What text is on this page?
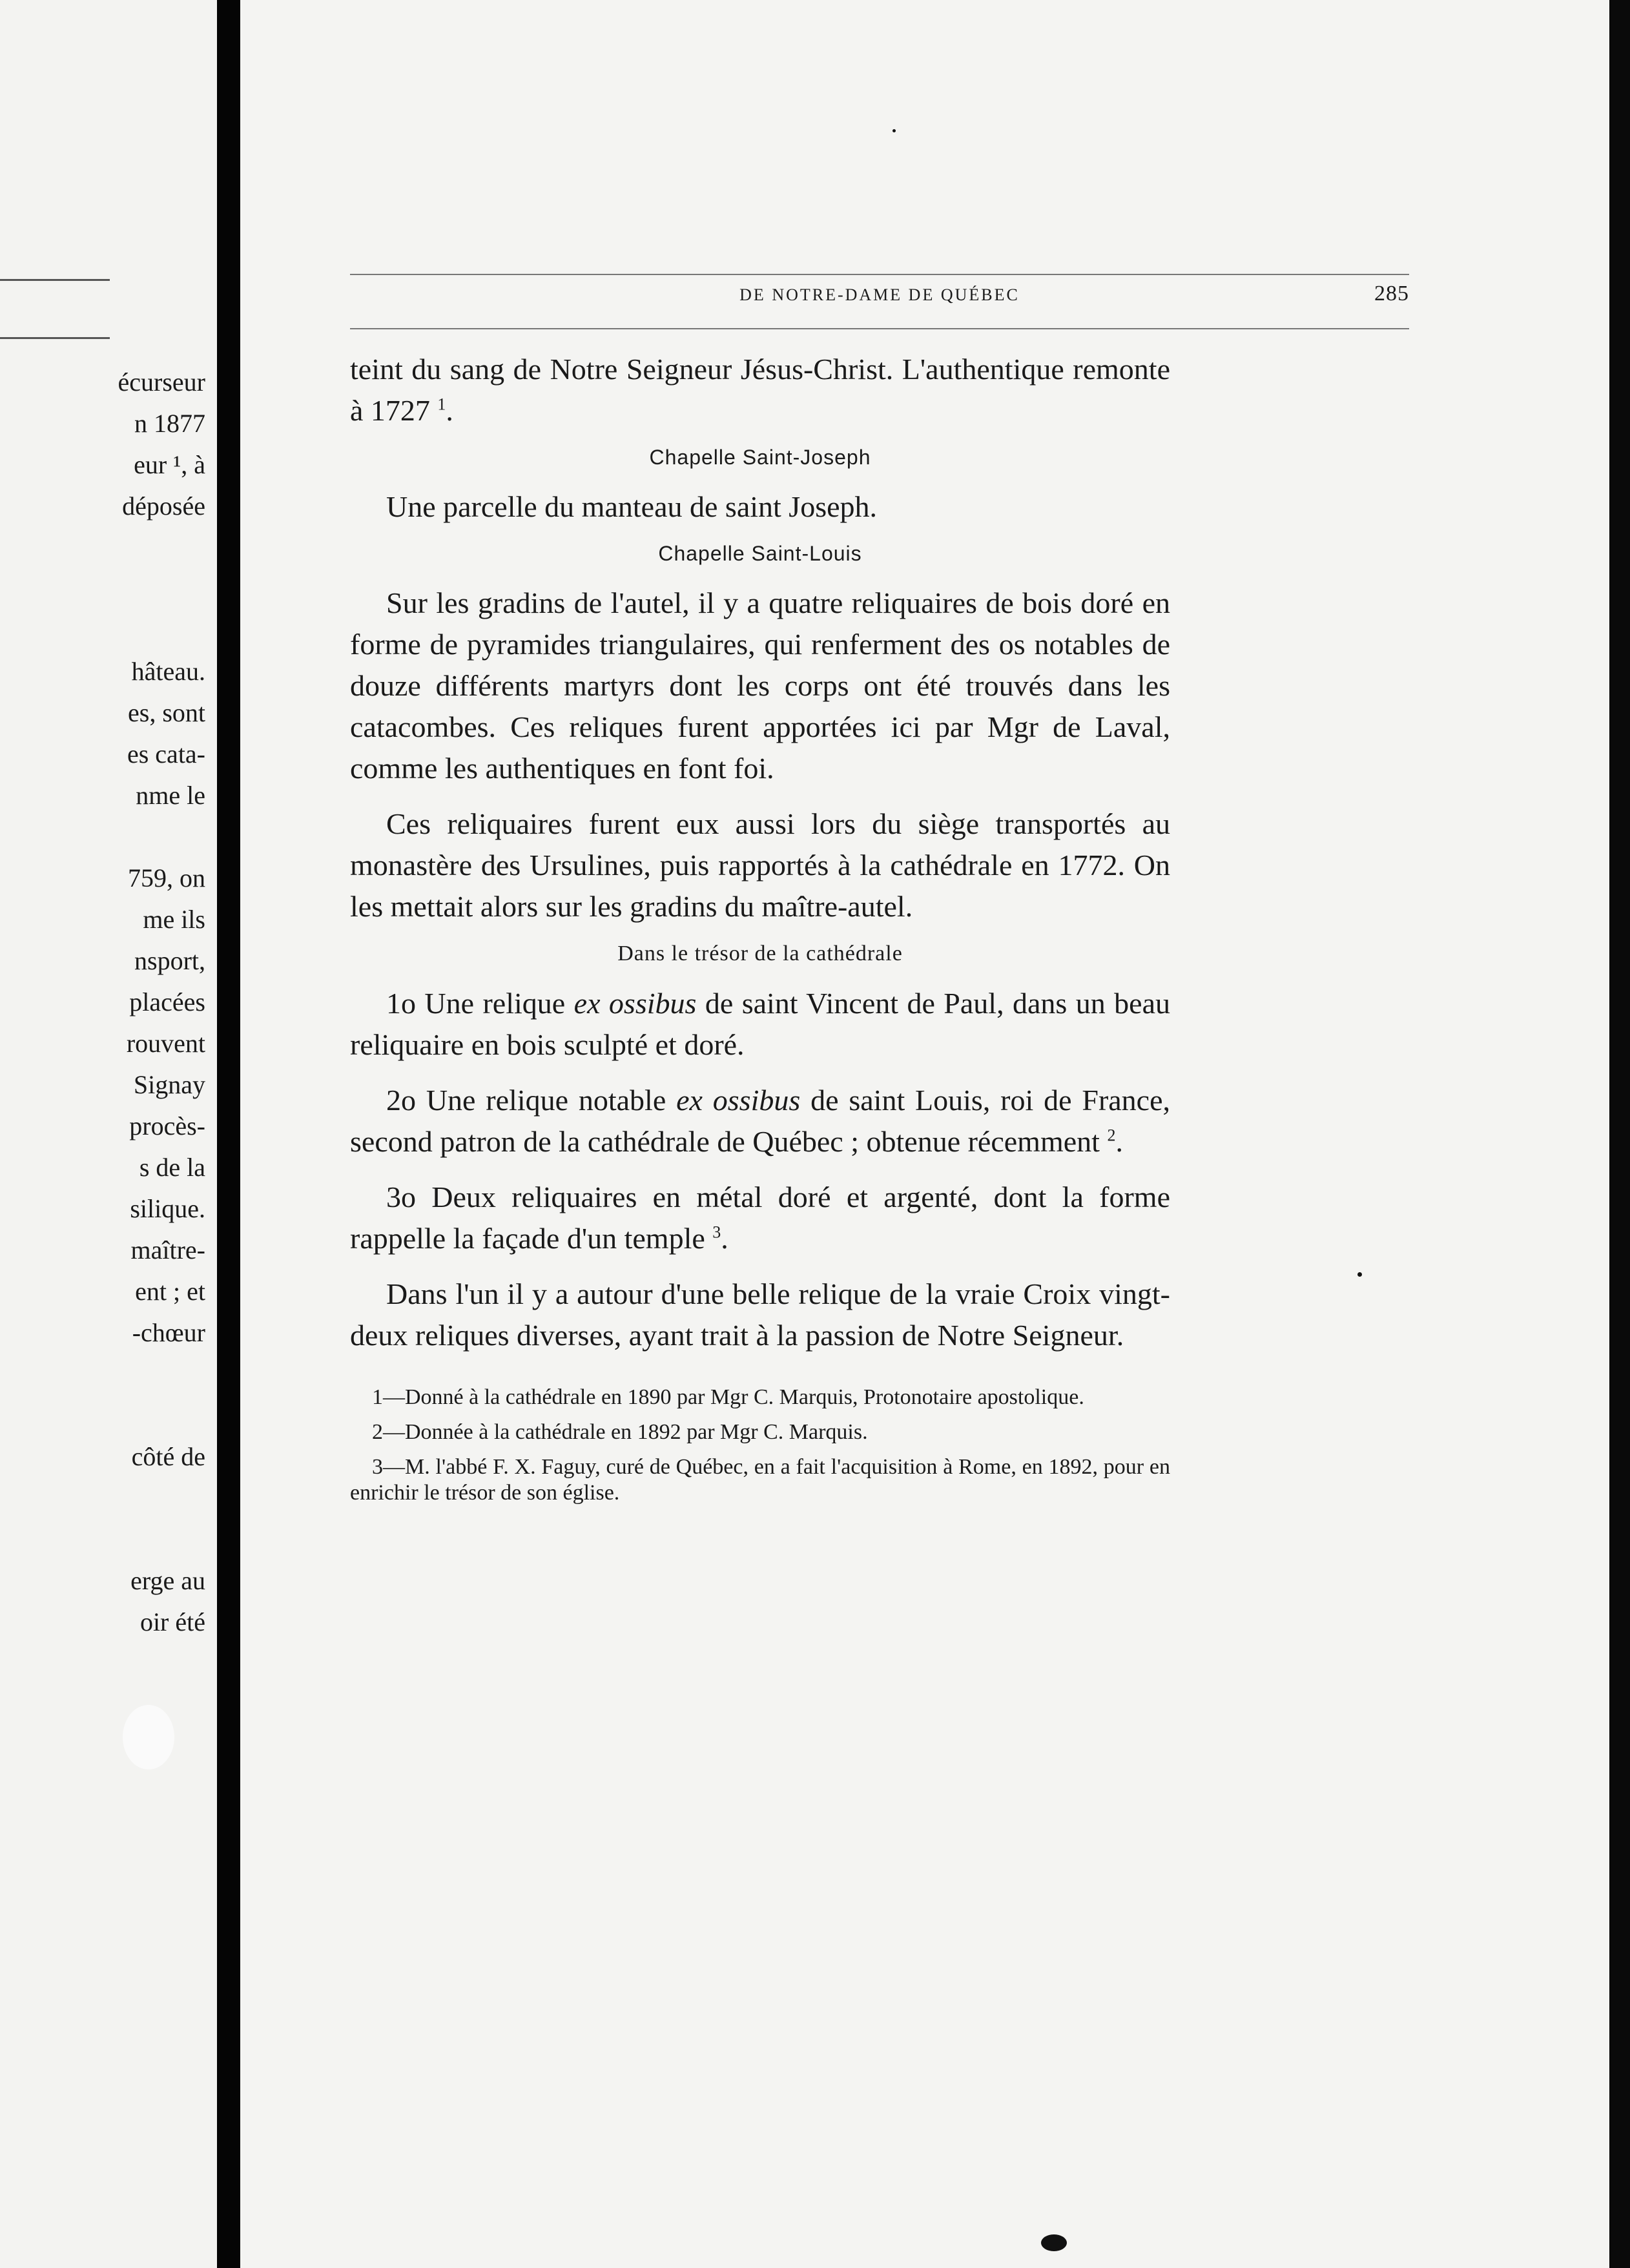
écurseur
n 1877
eur ¹, à
déposée
hâteau.
es, sont
es cata-
nme le
759, on
me ils
nsport,
placées
rouvent
Signay
procès-
s de la
silique.
maître-
ent ; et
-chœur
côté de
erge au
oir été
DE NOTRE-DAME DE QUÉBEC	285

teint du sang de Notre Seigneur Jésus-Christ. L'authentique remonte à 1727 $^1$.

Chapelle Saint-Joseph

Une parcelle du manteau de saint Joseph.

Chapelle Saint-Louis

Sur les gradins de l'autel, il y a quatre reliquaires de bois doré en forme de pyramides triangulaires, qui renferment des os notables de douze différents martyrs dont les corps ont été trouvés dans les catacombes. Ces reliques furent apportées ici par Mgr de Laval, comme les authentiques en font foi.

Ces reliquaires furent eux aussi lors du siège transportés au monastère des Ursulines, puis rapportés à la cathédrale en 1772. On les mettait alors sur les gradins du maître-autel.

Dans le trésor de la cathédrale

1o Une relique ex ossibus de saint Vincent de Paul, dans un beau reliquaire en bois sculpté et doré.

2o Une relique notable ex ossibus de saint Louis, roi de France, second patron de la cathédrale de Québec ; obtenue récemment $^2$.

3o Deux reliquaires en métal doré et argenté, dont la forme rappelle la façade d'un temple $^3$.

Dans l'un il y a autour d'une belle relique de la vraie Croix vingt-deux reliques diverses, ayant trait à la passion de Notre Seigneur.

1—Donné à la cathédrale en 1890 par Mgr C. Marquis, Protonotaire apostolique.

2—Donnée à la cathédrale en 1892 par Mgr C. Marquis.

3—M. l'abbé F. X. Faguy, curé de Québec, en a fait l'acquisition à Rome, en 1892, pour en enrichir le trésor de son église.
